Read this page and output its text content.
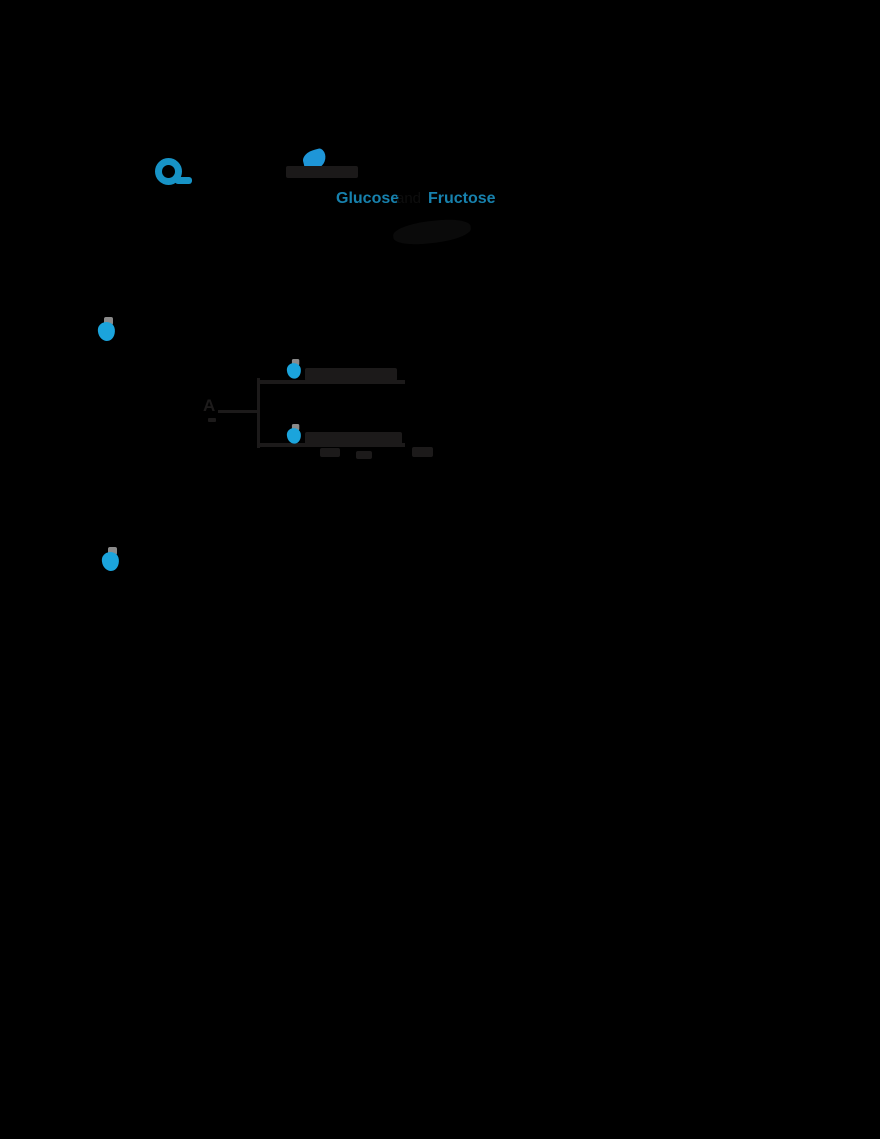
Glucose
and Fructose
A
